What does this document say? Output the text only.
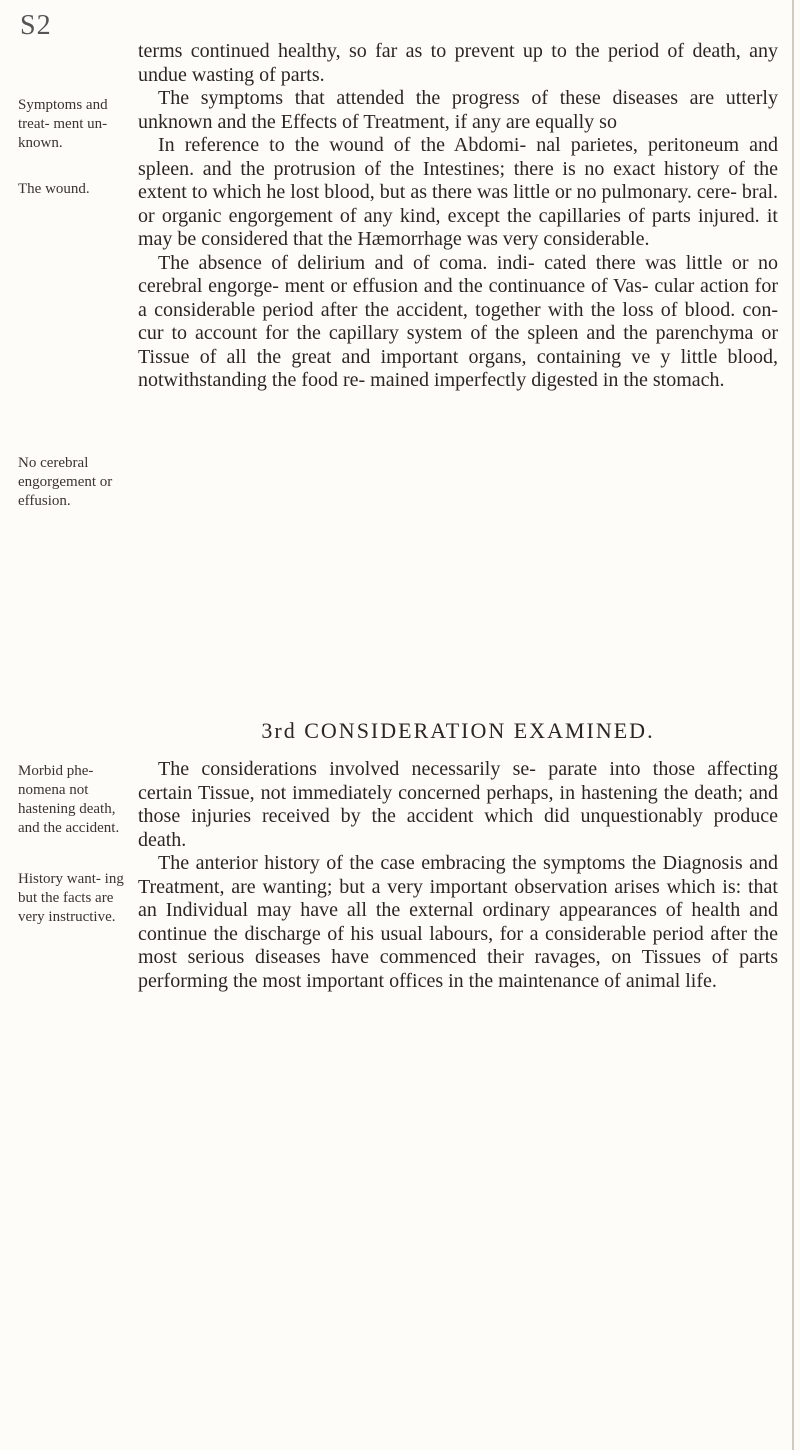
S2
Symptoms and treat- ment un- known.
The wound.
No cerebral engorgement or effusion.
Morbid phe- nomena not hastening death, and the accident.
History want- ing but the facts are very instructive.

terms continued healthy, so far as to prevent up to the period of death, any undue wasting of parts.

The symptoms that attended the progress of these diseases are utterly unknown and the Effects of Treatment, if any are equally so

In reference to the wound of the Abdomi- nal parietes, peritoneum and spleen. and the protrusion of the Intestines; there is no exact history of the extent to which he lost blood, but as there was little or no pulmonary. cere- bral. or organic engorgement of any kind, except the capillaries of parts injured. it may be considered that the Hæmorrhage was very considerable.

The absence of delirium and of coma. indi- cated there was little or no cerebral engorge- ment or effusion and the continuance of Vas- cular action for a considerable period after the accident, together with the loss of blood. con- cur to account for the capillary system of the spleen and the parenchyma or Tissue of all the great and important organs, containing ve y little blood, notwithstanding the food re- mained imperfectly digested in the stomach.

3rd CONSIDERATION EXAMINED.

The considerations involved necessarily se- parate into those affecting certain Tissue, not immediately concerned perhaps, in hastening the death; and those injuries received by the accident which did unquestionably produce death.

The anterior history of the case embracing the symptoms the Diagnosis and Treatment, are wanting; but a very important observation arises which is: that an Individual may have all the external ordinary appearances of health and continue the discharge of his usual labours, for a considerable period after the most serious diseases have commenced their ravages, on Tissues of parts performing the most important offices in the maintenance of animal life.
